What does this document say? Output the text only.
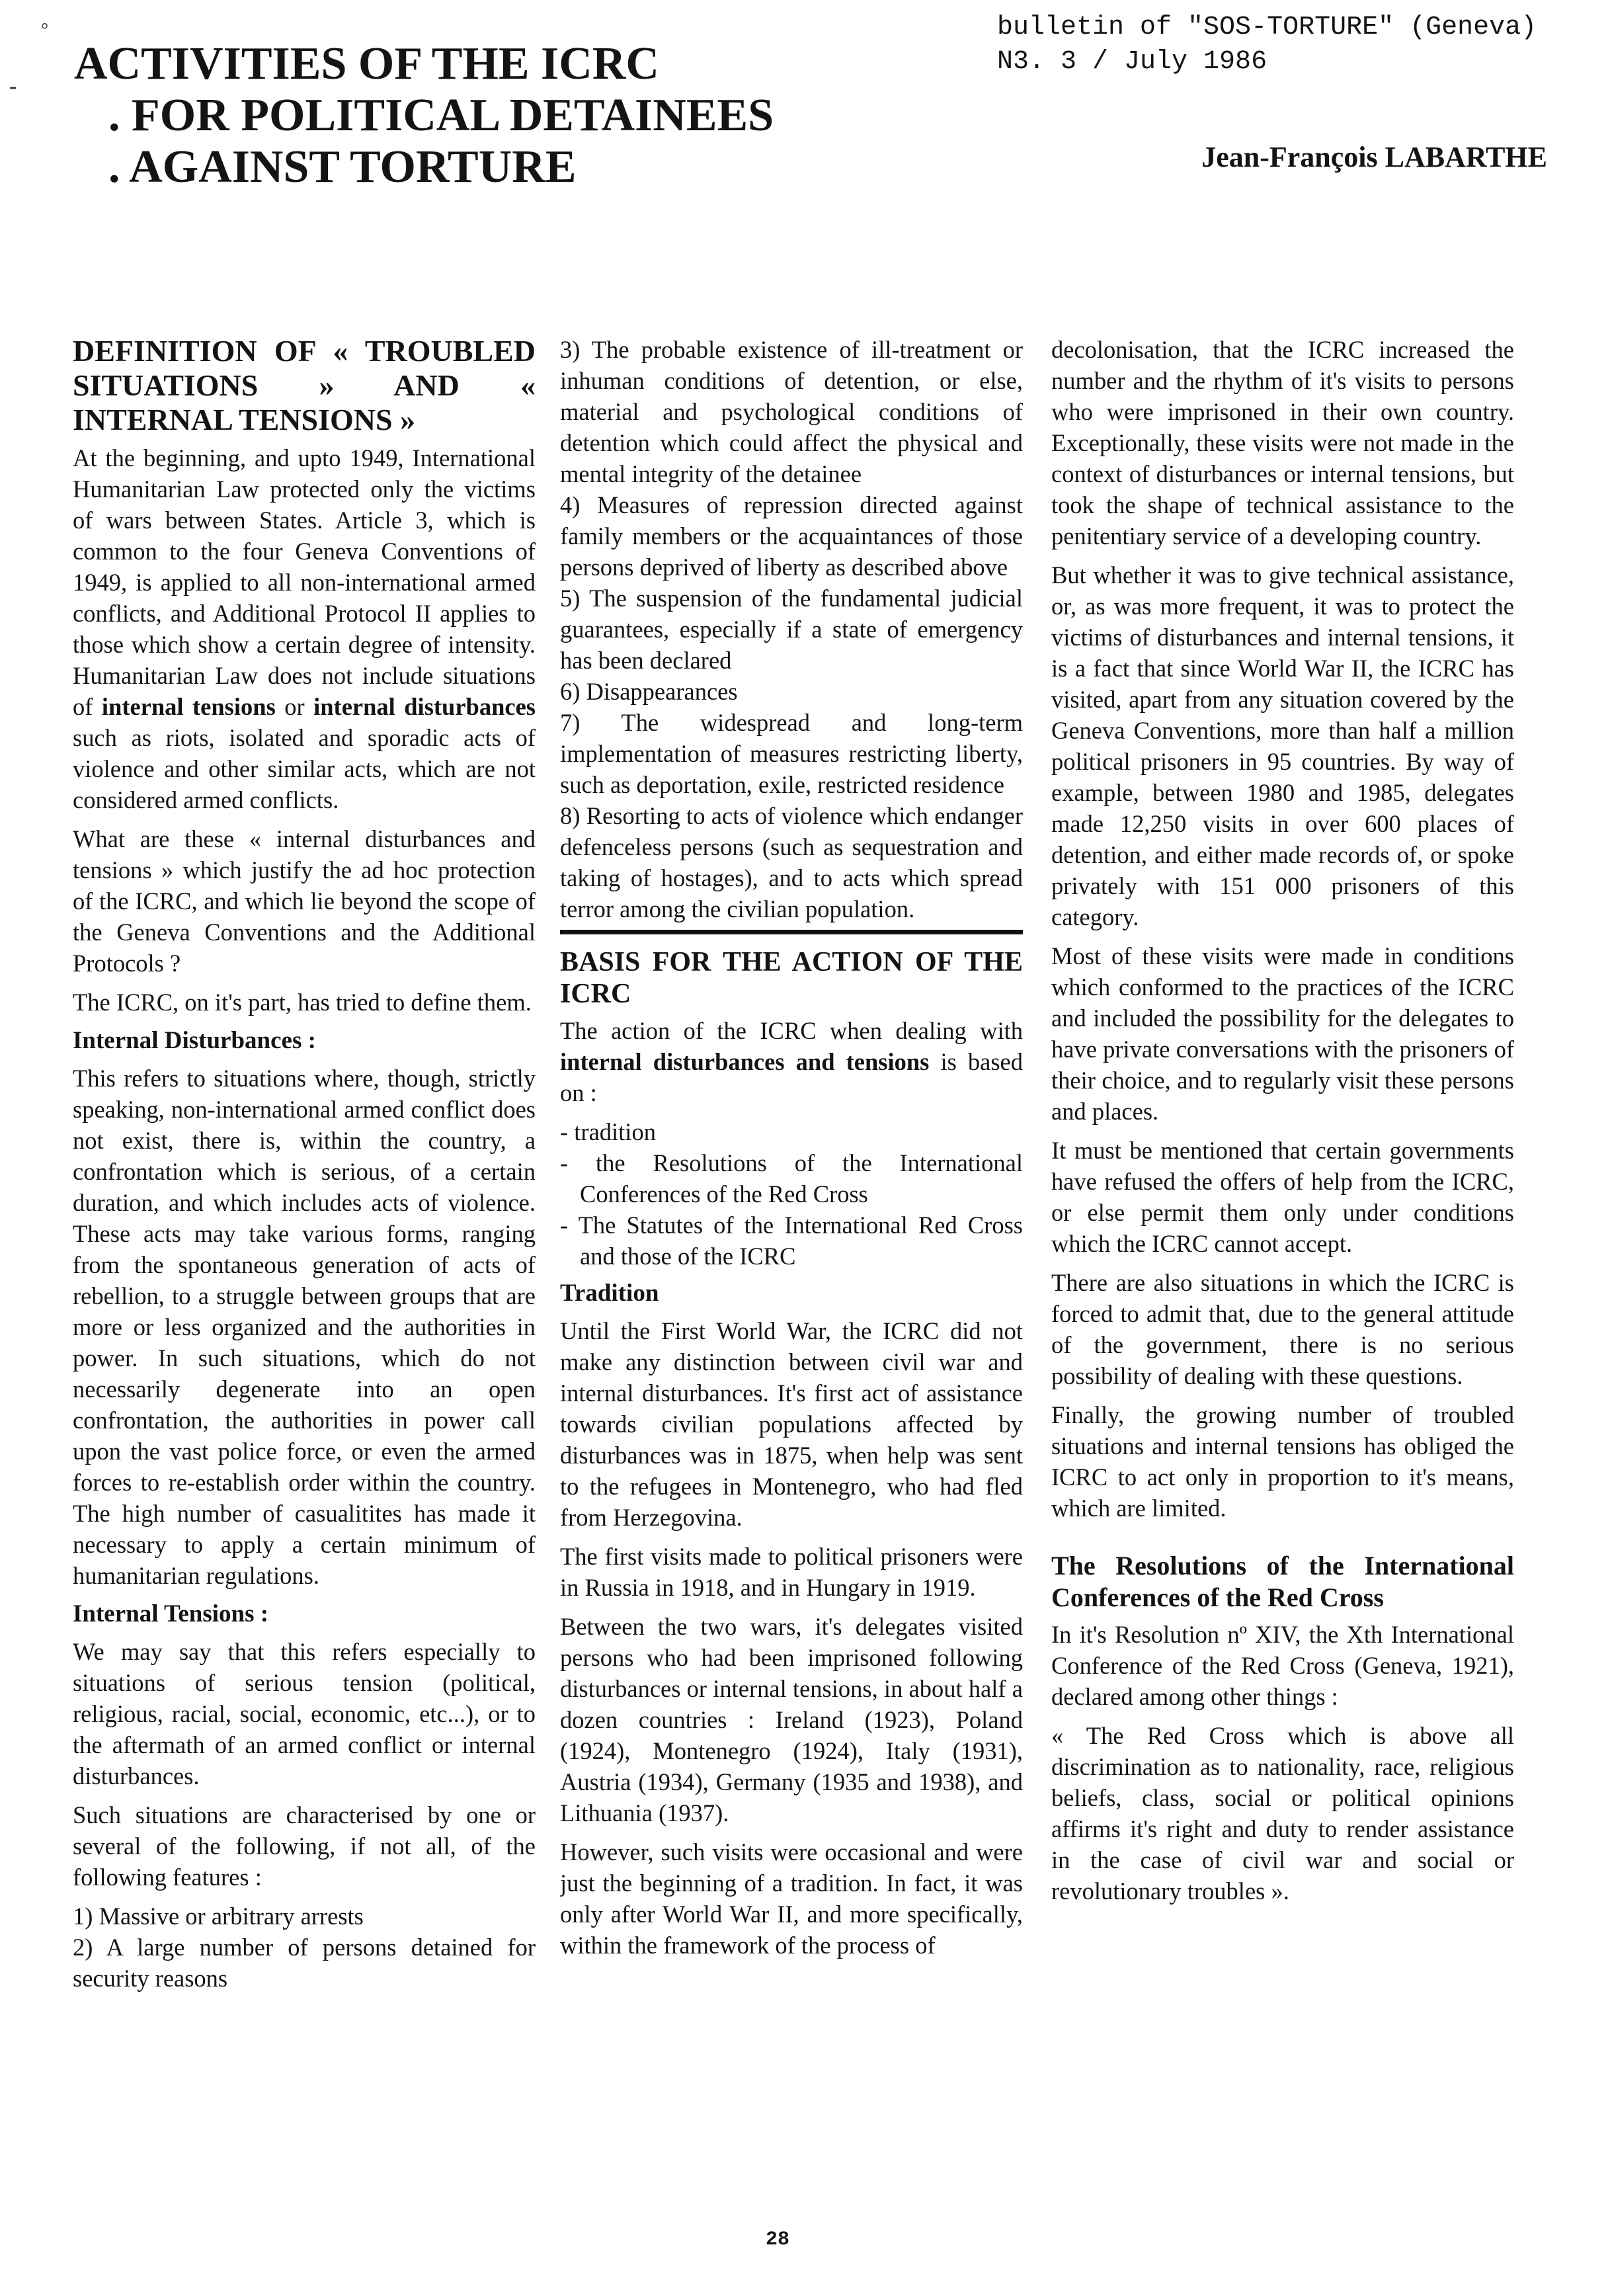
°
- ACTIVITIES OF THE ICRC
. FOR POLITICAL DETAINEES
. AGAINST TORTURE
bulletin of "SOS-TORTURE" (Geneva)
N3. 3 / July 1986
Jean-François LABARTHE
DEFINITION OF « TROUBLED SITUATIONS » AND « INTERNAL TENSIONS »

At the beginning, and upto 1949, International Humanitarian Law protected only the victims of wars between States. Article 3, which is common to the four Geneva Conventions of 1949, is applied to all non-international armed conflicts, and Additional Protocol II applies to those which show a certain degree of intensity. Humanitarian Law does not include situations of internal tensions or internal disturbances such as riots, isolated and sporadic acts of violence and other similar acts, which are not considered armed conflicts.

What are these « internal disturbances and tensions » which justify the ad hoc protection of the ICRC, and which lie beyond the scope of the Geneva Conventions and the Additional Protocols ?

The ICRC, on it's part, has tried to define them.

Internal Disturbances :

This refers to situations where, though, strictly speaking, non-international armed conflict does not exist, there is, within the country, a confrontation which is serious, of a certain duration, and which includes acts of violence. These acts may take various forms, ranging from the spontaneous generation of acts of rebellion, to a struggle between groups that are more or less organized and the authorities in power. In such situations, which do not necessarily degenerate into an open confrontation, the authorities in power call upon the vast police force, or even the armed forces to re-establish order within the country. The high number of casualitites has made it necessary to apply a certain minimum of humanitarian regulations.

Internal Tensions :

We may say that this refers especially to situations of serious tension (political, religious, racial, social, economic, etc...), or to the aftermath of an armed conflict or internal disturbances.

Such situations are characterised by one or several of the following, if not all, of the following features :

1) Massive or arbitrary arrests
2) A large number of persons detained for security reasons
3) The probable existence of ill-treatment or inhuman conditions of detention, or else, material and psychological conditions of detention which could affect the physical and mental integrity of the detainee
4) Measures of repression directed against family members or the acquaintances of those persons deprived of liberty as described above
5) The suspension of the fundamental judicial guarantees, especially if a state of emergency has been declared
6) Disappearances
7) The widespread and long-term implementation of measures restricting liberty, such as deportation, exile, restricted residence
8) Resorting to acts of violence which endanger defenceless persons (such as sequestration and taking of hostages), and to acts which spread terror among the civilian population.
BASIS FOR THE ACTION OF THE ICRC

The action of the ICRC when dealing with internal disturbances and tensions is based on :

- tradition
- the Resolutions of the International Conferences of the Red Cross
- The Statutes of the International Red Cross and those of the ICRC
Tradition

Until the First World War, the ICRC did not make any distinction between civil war and internal disturbances. It's first act of assistance towards civilian populations affected by disturbances was in 1875, when help was sent to the refugees in Montenegro, who had fled from Herzegovina.

The first visits made to political prisoners were in Russia in 1918, and in Hungary in 1919.

Between the two wars, it's delegates visited persons who had been imprisoned following disturbances or internal tensions, in about half a dozen countries : Ireland (1923), Poland (1924), Montenegro (1924), Italy (1931), Austria (1934), Germany (1935 and 1938), and Lithuania (1937).

However, such visits were occasional and were just the beginning of a tradition. In fact, it was only after World War II, and more specifically, within the framework of the process of

decolonisation, that the ICRC increased the number and the rhythm of it's visits to persons who were imprisoned in their own country. Exceptionally, these visits were not made in the context of disturbances or internal tensions, but took the shape of technical assistance to the penitentiary service of a developing country.

But whether it was to give technical assistance, or, as was more frequent, it was to protect the victims of disturbances and internal tensions, it is a fact that since World War II, the ICRC has visited, apart from any situation covered by the Geneva Conventions, more than half a million political prisoners in 95 countries. By way of example, between 1980 and 1985, delegates made 12,250 visits in over 600 places of detention, and either made records of, or spoke privately with 151 000 prisoners of this category.

Most of these visits were made in conditions which conformed to the practices of the ICRC and included the possibility for the delegates to have private conversations with the prisoners of their choice, and to regularly visit these persons and places.

It must be mentioned that certain governments have refused the offers of help from the ICRC, or else permit them only under conditions which the ICRC cannot accept.

There are also situations in which the ICRC is forced to admit that, due to the general attitude of the government, there is no serious possibility of dealing with these questions.

Finally, the growing number of troubled situations and internal tensions has obliged the ICRC to act only in proportion to it's means, which are limited.

The Resolutions of the International Conferences of the Red Cross

In it's Resolution nº XIV, the Xth International Conference of the Red Cross (Geneva, 1921), declared among other things :

« The Red Cross which is above all discrimination as to nationality, race, religious beliefs, class, social or political opinions affirms it's right and duty to render assistance in the case of civil war and social or revolutionary troubles ».

28
